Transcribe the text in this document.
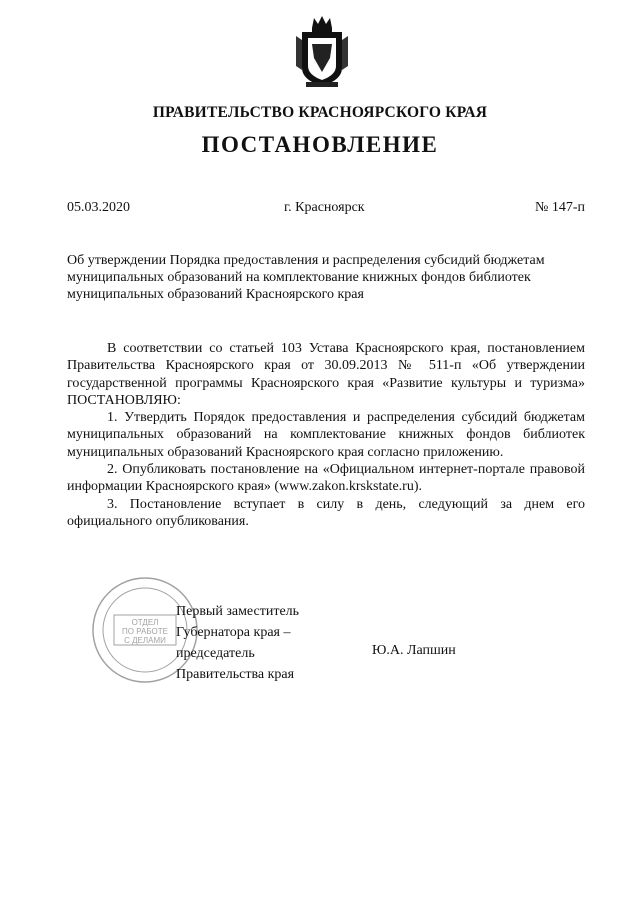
ПРАВИТЕЛЬСТВО КРАСНОЯРСКОГО КРАЯ
ПОСТАНОВЛЕНИЕ
05.03.2020	г. Красноярск	№ 147-п

Об утверждении Порядка предоставления и распределения субсидий бюджетам муниципальных образований на комплектование книжных фондов библиотек муниципальных образований Красноярского края

В соответствии со статьей 103 Устава Красноярского края, постановлением Правительства Красноярского края от 30.09.2013 № 511-п «Об утверждении государственной программы Красноярского края «Развитие культуры и туризма» ПОСТАНОВЛЯЮ:

1. Утвердить Порядок предоставления и распределения субсидий бюджетам муниципальных образований на комплектование книжных фондов библиотек муниципальных образований Красноярского края согласно приложению.

2. Опубликовать постановление на «Официальном интернет-портале правовой информации Красноярского края» (www.zakon.krskstate.ru).

3. Постановление вступает в силу в день, следующий за днем его официального опубликования.

ОТДЕЛ
ПО РАБОТЕ
С ДЕЛАМИ
Первый заместитель
Губернатора края –
председатель
Правительства края
Ю.А. Лапшин
